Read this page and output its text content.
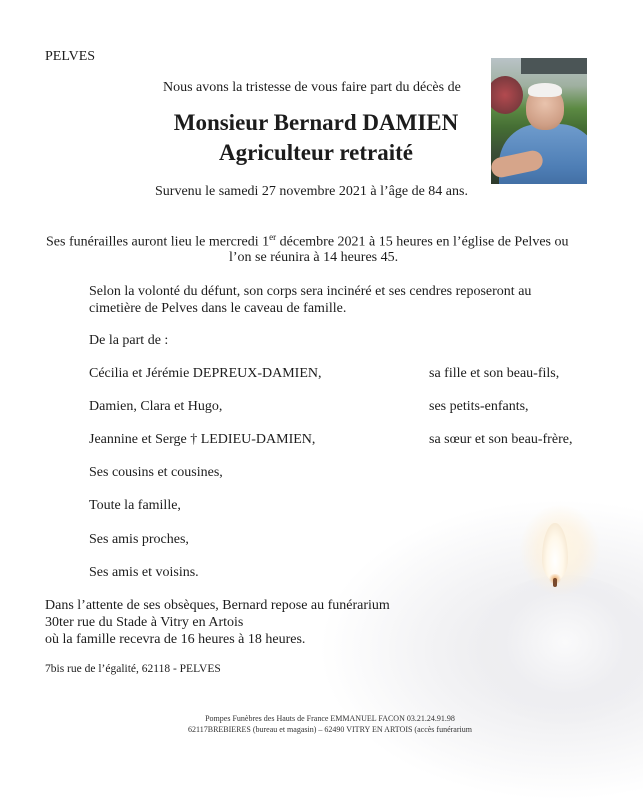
PELVES
Nous avons la tristesse de vous faire part du décès de
Monsieur Bernard DAMIEN
Agriculteur retraité
Survenu le samedi 27 novembre 2021 à l’âge de 84 ans.
Ses funérailles auront lieu le mercredi 1er décembre 2021 à 15 heures en l’église de Pelves ou
l’on se réunira à 14 heures 45.
Selon la volonté du défunt, son corps sera incinéré et ses cendres reposeront au
cimetière de Pelves dans le caveau de famille.
De la part de :
Cécilia et Jérémie DEPREUX-DAMIEN,	sa fille et son beau-fils,
Damien, Clara et Hugo,	ses petits-enfants,
Jeannine et Serge † LEDIEU-DAMIEN,	sa sœur et son beau-frère,
Ses cousins et cousines,
Toute la famille,
Ses amis proches,
Ses amis et voisins.
Dans l’attente de ses obsèques, Bernard repose au funérarium
30ter rue du Stade à Vitry en Artois
où la famille recevra de 16 heures à 18 heures.
7bis rue de l’égalité, 62118 - PELVES
Pompes Funèbres des Hauts de France EMMANUEL FACON 03.21.24.91.98
62117BREBIERES (bureau et magasin) – 62490 VITRY EN ARTOIS (accès funérarium
